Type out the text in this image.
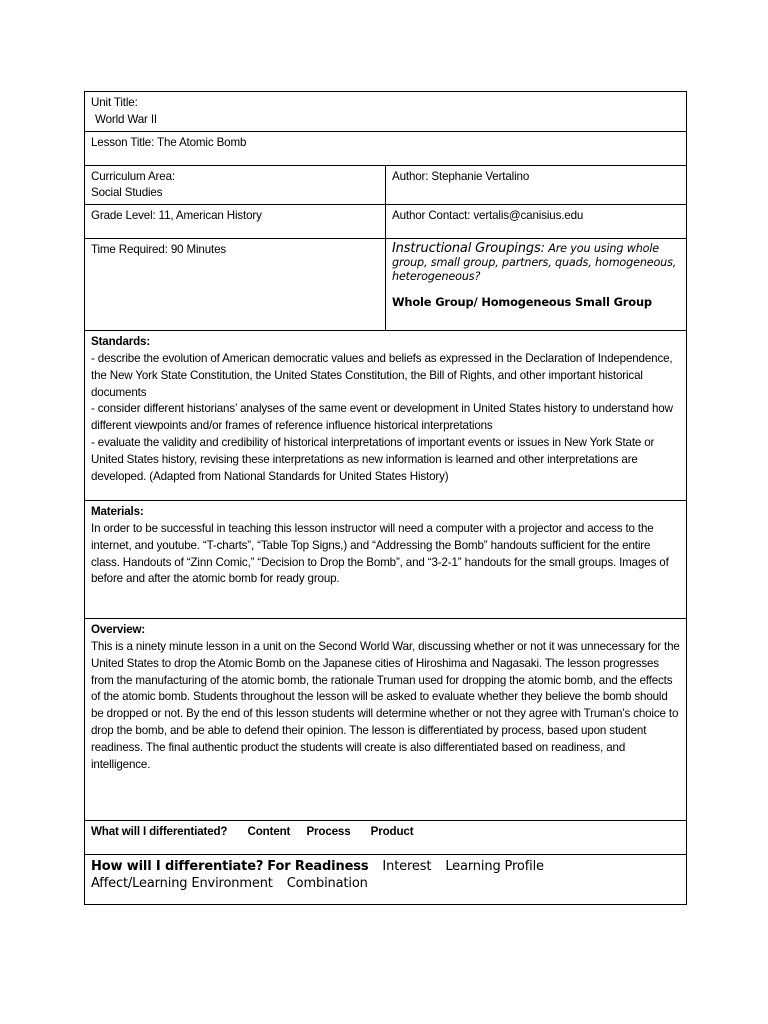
Unit Title:
World War II	

Lesson Title: The Atomic Bomb	

Curriculum Area:
Social Studies	Author: Stephanie Vertalino
Grade Level: 11, American History	Author Contact: vertalis@canisius.edu
Time Required: 90 Minutes	Instructional Groupings: Are you using whole group, small group, partners, quads, homogeneous, heterogeneous?
Whole Group/ Homogeneous Small Group

Standards:
- describe the evolution of American democratic values and beliefs as expressed in the Declaration of Independence, the New York State Constitution, the United States Constitution, the Bill of Rights, and other important historical documents
- consider different historians’ analyses of the same event or development in United States history to understand how different viewpoints and/or frames of reference influence historical interpretations
- evaluate the validity and credibility of historical interpretations of important events or issues in New York State or United States history, revising these interpretations as new information is learned and other interpretations are developed. (Adapted from National Standards for United States History)	

Materials:
In order to be successful in teaching this lesson instructor will need a computer with a projector and access to the internet, and youtube. “T-charts”, “Table Top Signs,) and “Addressing the Bomb” handouts sufficient for the entire class. Handouts of “Zinn Comic,” “Decision to Drop the Bomb”, and “3-2-1” handouts for the small groups. Images of before and after the atomic bomb for ready group.	

Overview:
This is a ninety minute lesson in a unit on the Second World War, discussing whether or not it was unnecessary for the United States to drop the Atomic Bomb on the Japanese cities of Hiroshima and Nagasaki. The lesson progresses from the manufacturing of the atomic bomb, the rationale Truman used for dropping the atomic bomb, and the effects of the atomic bomb. Students throughout the lesson will be asked to evaluate whether they believe the bomb should be dropped or not. By the end of this lesson students will determine whether or not they agree with Truman’s choice to drop the bomb, and be able to defend their opinion. The lesson is differentiated by process, based upon student readiness. The final authentic product the students will create is also differentiated based on readiness, and intelligence.	

What will I differentiated? Content Process Product	

How will I differentiate? For Readiness Interest Learning Profile
Affect/Learning Environment Combination	
